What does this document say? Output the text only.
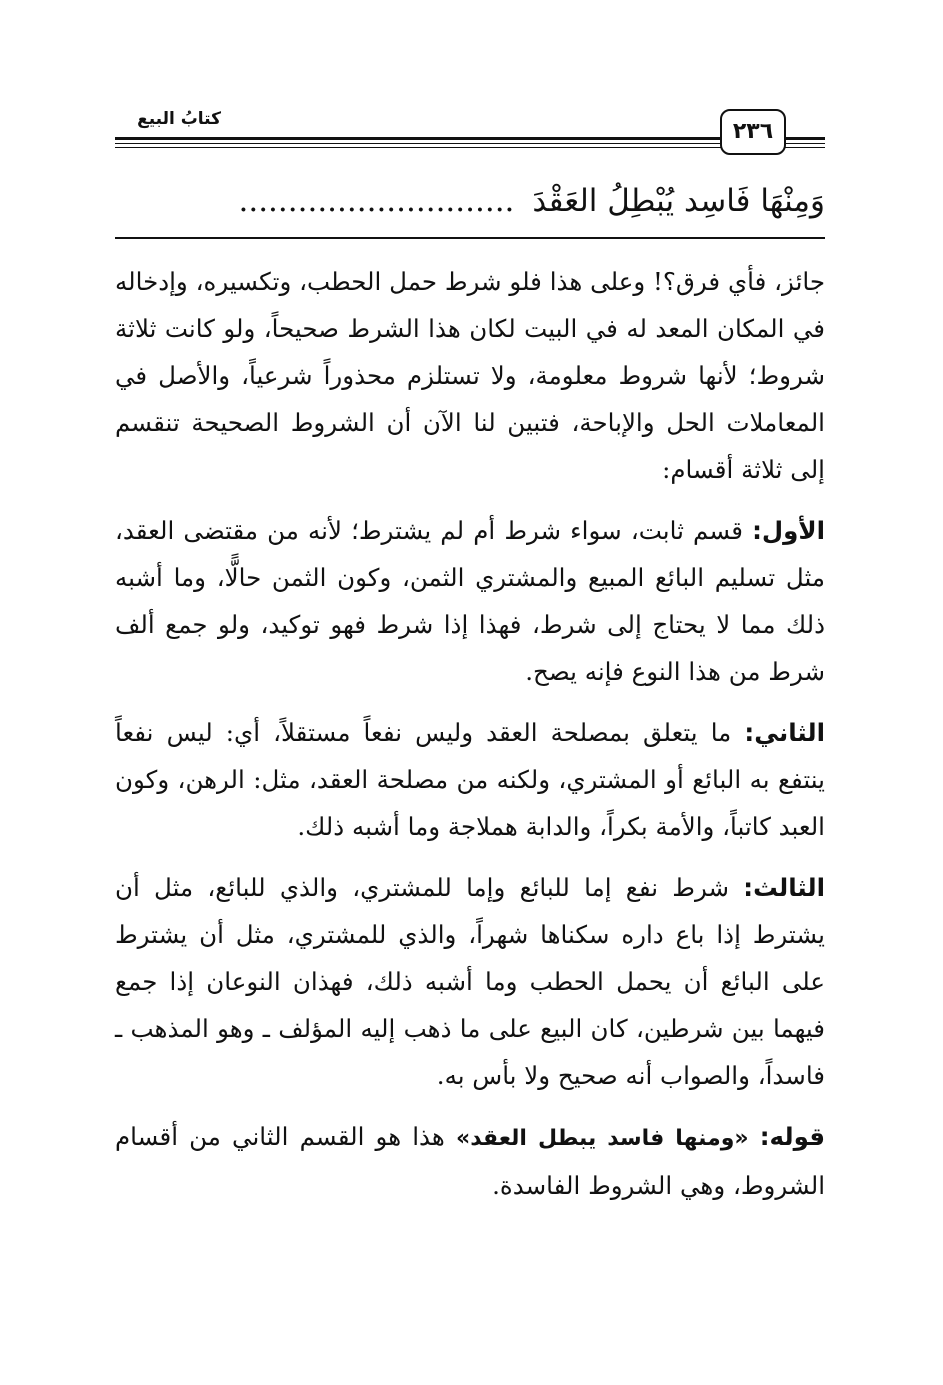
كتابُ البيع	٢٣٦
وَمِنْهَا فَاسِد يُبْطِلُ العَقْدَ............................

جائز، فأي فرق؟! وعلى هذا فلو شرط حمل الحطب، وتكسيره، وإدخاله في المكان المعد له في البيت لكان هذا الشرط صحيحاً، ولو كانت ثلاثة شروط؛ لأنها شروط معلومة، ولا تستلزم محذوراً شرعياً، والأصل في المعاملات الحل والإباحة، فتبين لنا الآن أن الشروط الصحيحة تنقسم إلى ثلاثة أقسام:

الأول: قسم ثابت، سواء شرط أم لم يشترط؛ لأنه من مقتضى العقد، مثل تسليم البائع المبيع والمشتري الثمن، وكون الثمن حالًّا، وما أشبه ذلك مما لا يحتاج إلى شرط، فهذا إذا شرط فهو توكيد، ولو جمع ألف شرط من هذا النوع فإنه يصح.

الثاني: ما يتعلق بمصلحة العقد وليس نفعاً مستقلاً، أي: ليس نفعاً ينتفع به البائع أو المشتري، ولكنه من مصلحة العقد، مثل: الرهن، وكون العبد كاتباً، والأمة بكراً، والدابة هملاجة وما أشبه ذلك.

الثالث: شرط نفع إما للبائع وإما للمشتري، والذي للبائع، مثل أن يشترط إذا باع داره سكناها شهراً، والذي للمشتري، مثل أن يشترط على البائع أن يحمل الحطب وما أشبه ذلك، فهذان النوعان إذا جمع فيهما بين شرطين، كان البيع على ما ذهب إليه المؤلف ـ وهو المذهب ـ فاسداً، والصواب أنه صحيح ولا بأس به.

قوله: «ومنها فاسد يبطل العقد» هذا هو القسم الثاني من أقسام الشروط، وهي الشروط الفاسدة.
